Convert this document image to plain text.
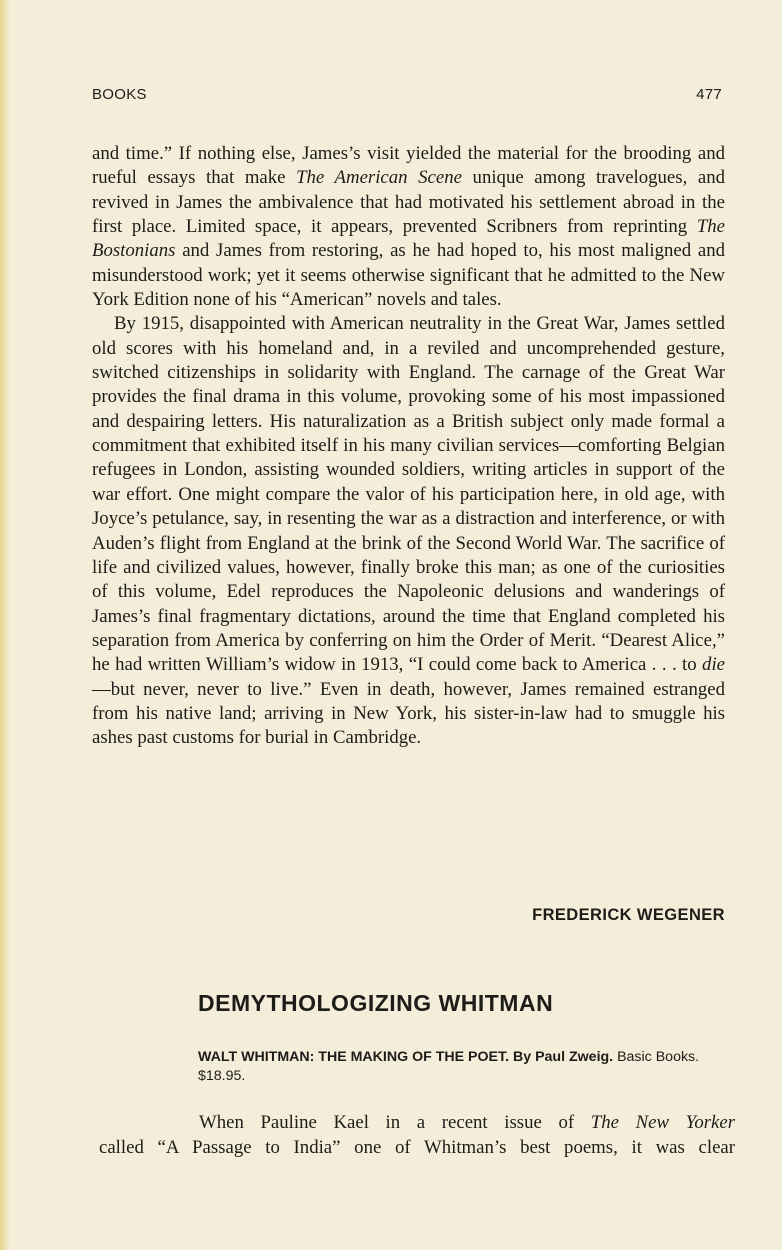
BOOKS	477

and time.” If nothing else, James’s visit yielded the material for the brooding and rueful essays that make The American Scene unique among travelogues, and revived in James the ambivalence that had motivated his settlement abroad in the first place. Limited space, it appears, prevented Scribners from reprinting The Bostonians and James from restoring, as he had hoped to, his most maligned and misunderstood work; yet it seems otherwise significant that he admitted to the New York Edition none of his “American” novels and tales.

By 1915, disappointed with American neutrality in the Great War, James settled old scores with his homeland and, in a reviled and uncomprehended gesture, switched citizenships in solidarity with England. The carnage of the Great War provides the final drama in this volume, provoking some of his most impassioned and despairing letters. His naturalization as a British subject only made formal a commitment that exhibited itself in his many civilian services—comforting Belgian refugees in London, assisting wounded soldiers, writing articles in support of the war effort. One might compare the valor of his participation here, in old age, with Joyce’s petulance, say, in resenting the war as a distraction and interference, or with Auden’s flight from England at the brink of the Second World War. The sacrifice of life and civilized values, however, finally broke this man; as one of the curiosities of this volume, Edel reproduces the Napoleonic delusions and wanderings of James’s final fragmentary dictations, around the time that England completed his separation from America by conferring on him the Order of Merit. “Dearest Alice,” he had written William’s widow in 1913, “I could come back to America . . . to die—but never, never to live.” Even in death, however, James remained estranged from his native land; arriving in New York, his sister-in-law had to smuggle his ashes past customs for burial in Cambridge.

FREDERICK WEGENER
DEMYTHOLOGIZING WHITMAN
WALT WHITMAN: THE MAKING OF THE POET. By Paul Zweig. Basic Books. $18.95.
When Pauline Kael in a recent issue of The New Yorker
called “A Passage to India” one of Whitman’s best poems, it was clear
